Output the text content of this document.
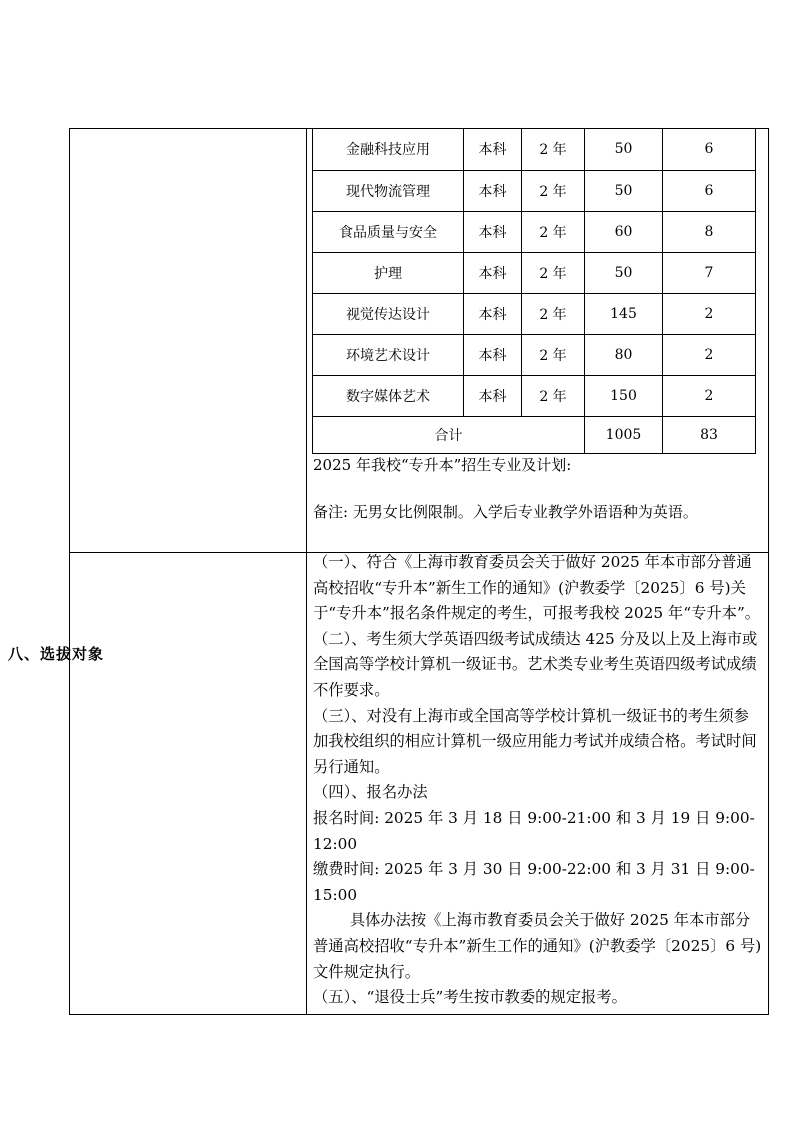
金融科技应用	本科	2 年	50	6
现代物流管理	本科	2 年	50	6
食品质量与安全	本科	2 年	60	8
护理	本科	2 年	50	7
视觉传达设计	本科	2 年	145	2
环境艺术设计	本科	2 年	80	2
数字媒体艺术	本科	2 年	150	2
合计			1005	83
2025 年我校“专升本”招生专业及计划:
备注: 无男女比例限制。入学后专业教学外语语种为英语。
八、选拔对象

（一）、符合《上海市教育委员会关于做好 2025 年本市部分普通高校招收“专升本”新生工作的通知》(沪教委学〔2025〕6 号)关于“专升本”报名条件规定的考生，可报考我校 2025 年“专升本”。

（二）、考生须大学英语四级考试成绩达 425 分及以上及上海市或全国高等学校计算机一级证书。艺术类专业考生英语四级考试成绩不作要求。

（三）、对没有上海市或全国高等学校计算机一级证书的考生须参加我校组织的相应计算机一级应用能力考试并成绩合格。考试时间另行通知。

（四）、报名办法

报名时间: 2025 年 3 月 18 日 9:00-21:00 和 3 月 19 日 9:00-12:00

缴费时间: 2025 年 3 月 30 日 9:00-22:00 和 3 月 31 日 9:00-15:00

具体办法按《上海市教育委员会关于做好 2025 年本市部分普通高校招收“专升本”新生工作的通知》(沪教委学〔2025〕6 号)文件规定执行。

（五）、“退役士兵”考生按市教委的规定报考。
